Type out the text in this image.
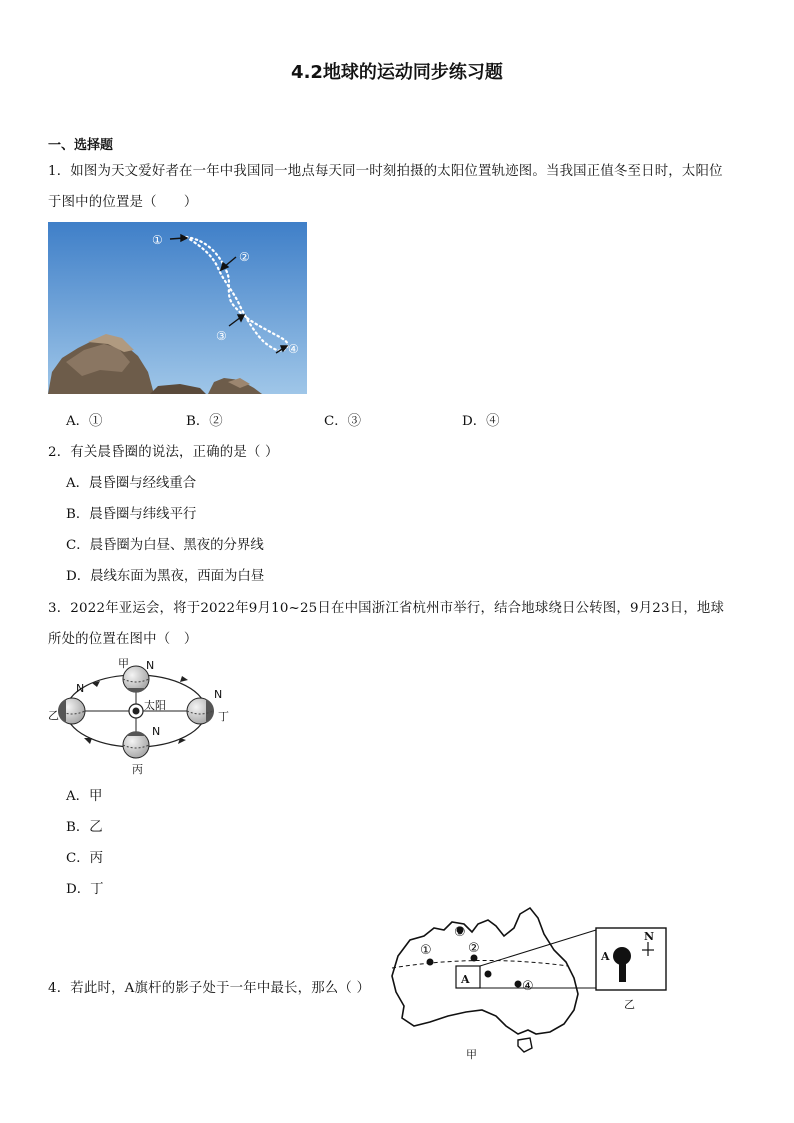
4.2地球的运动同步练习题
一、选择题
1．如图为天文爱好者在一年中我国同一地点每天同一时刻拍摄的太阳位置轨迹图。当我国正值冬至日时，太阳位
于图中的位置是（　　）
①
②
③
④
A．①	B．②	C．③	D．④
2．有关晨昏圈的说法，正确的是（ ）
A．晨昏圈与经线重合
B．晨昏圈与纬线平行
C．晨昏圈为白昼、黑夜的分界线
D．晨线东面为黑夜，西面为白昼
3．2022年亚运会，将于2022年9月10~25日在中国浙江省杭州市举行，结合地球绕日公转图，9月23日，地球
所处的位置在图中（　）
甲 N
N
乙
太阳
N
丙
N
丁
A．甲
B．乙
C．丙
D．丁
4．若此时，A旗杆的影子处于一年中最长，那么（ ）
①	②
③
④
A
A
N
甲
乙
